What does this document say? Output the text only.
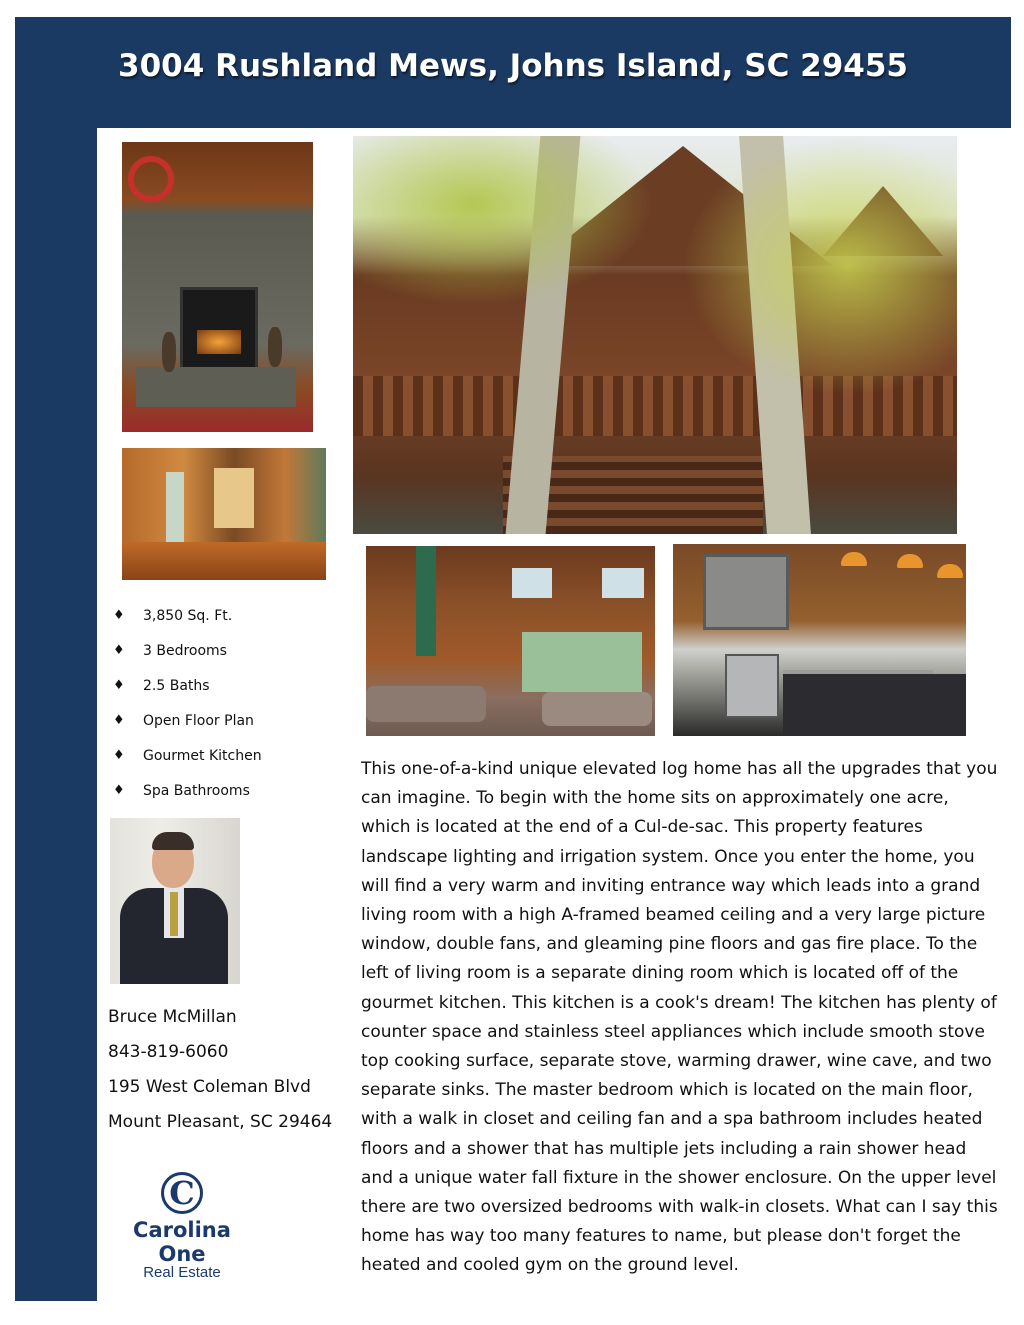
3004 Rushland Mews, Johns Island, SC 29455
♦	3,850 Sq. Ft.
♦	3 Bedrooms
♦	2.5 Baths
♦	Open Floor Plan
♦	Gourmet Kitchen
♦	Spa Bathrooms
Bruce McMillan
843-819-6060
195 West Coleman Blvd
Mount Pleasant, SC 29464
C
Carolina One
Real Estate

This one-of-a-kind unique elevated log home has all the upgrades that you can imagine. To begin with the home sits on approximately one acre, which is located at the end of a Cul-de-sac. This property features landscape lighting and irrigation system. Once you enter the home, you will find a very warm and inviting entrance way which leads into a grand living room with a high A-framed beamed ceiling and a very large picture window, double fans, and gleaming pine floors and gas fire place. To the left of living room is a separate dining room which is located off of the gourmet kitchen. This kitchen is a cook's dream! The kitchen has plenty of counter space and stainless steel appliances which include smooth stove top cooking surface, separate stove, warming drawer, wine cave, and two separate sinks. The master bedroom which is located on the main floor, with a walk in closet and ceiling fan and a spa bathroom includes heated floors and a shower that has multiple jets including a rain shower head and a unique water fall fixture in the shower enclosure. On the upper level there are two oversized bedrooms with walk-in closets. What can I say this home has way too many features to name, but please don't forget the heated and cooled gym on the ground level.
